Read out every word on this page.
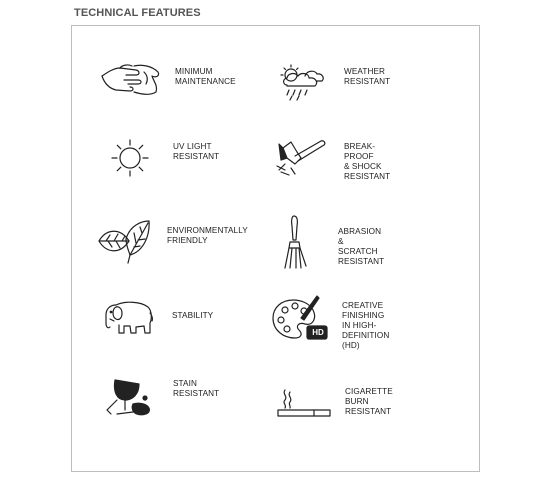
TECHNICAL FEATURES
MINIMUM
MAINTENANCE
WEATHER
RESISTANT
UV LIGHT
RESISTANT
BREAK-PROOF
& SHOCK
RESISTANT
ENVIRONMENTALLY
FRIENDLY
ABRASION
& SCRATCH
RESISTANT
STABILITY
HD
CREATIVE
FINISHING IN HIGH-
DEFINITION (HD)
STAIN
RESISTANT	CIGARETTE
BURN
RESISTANT
